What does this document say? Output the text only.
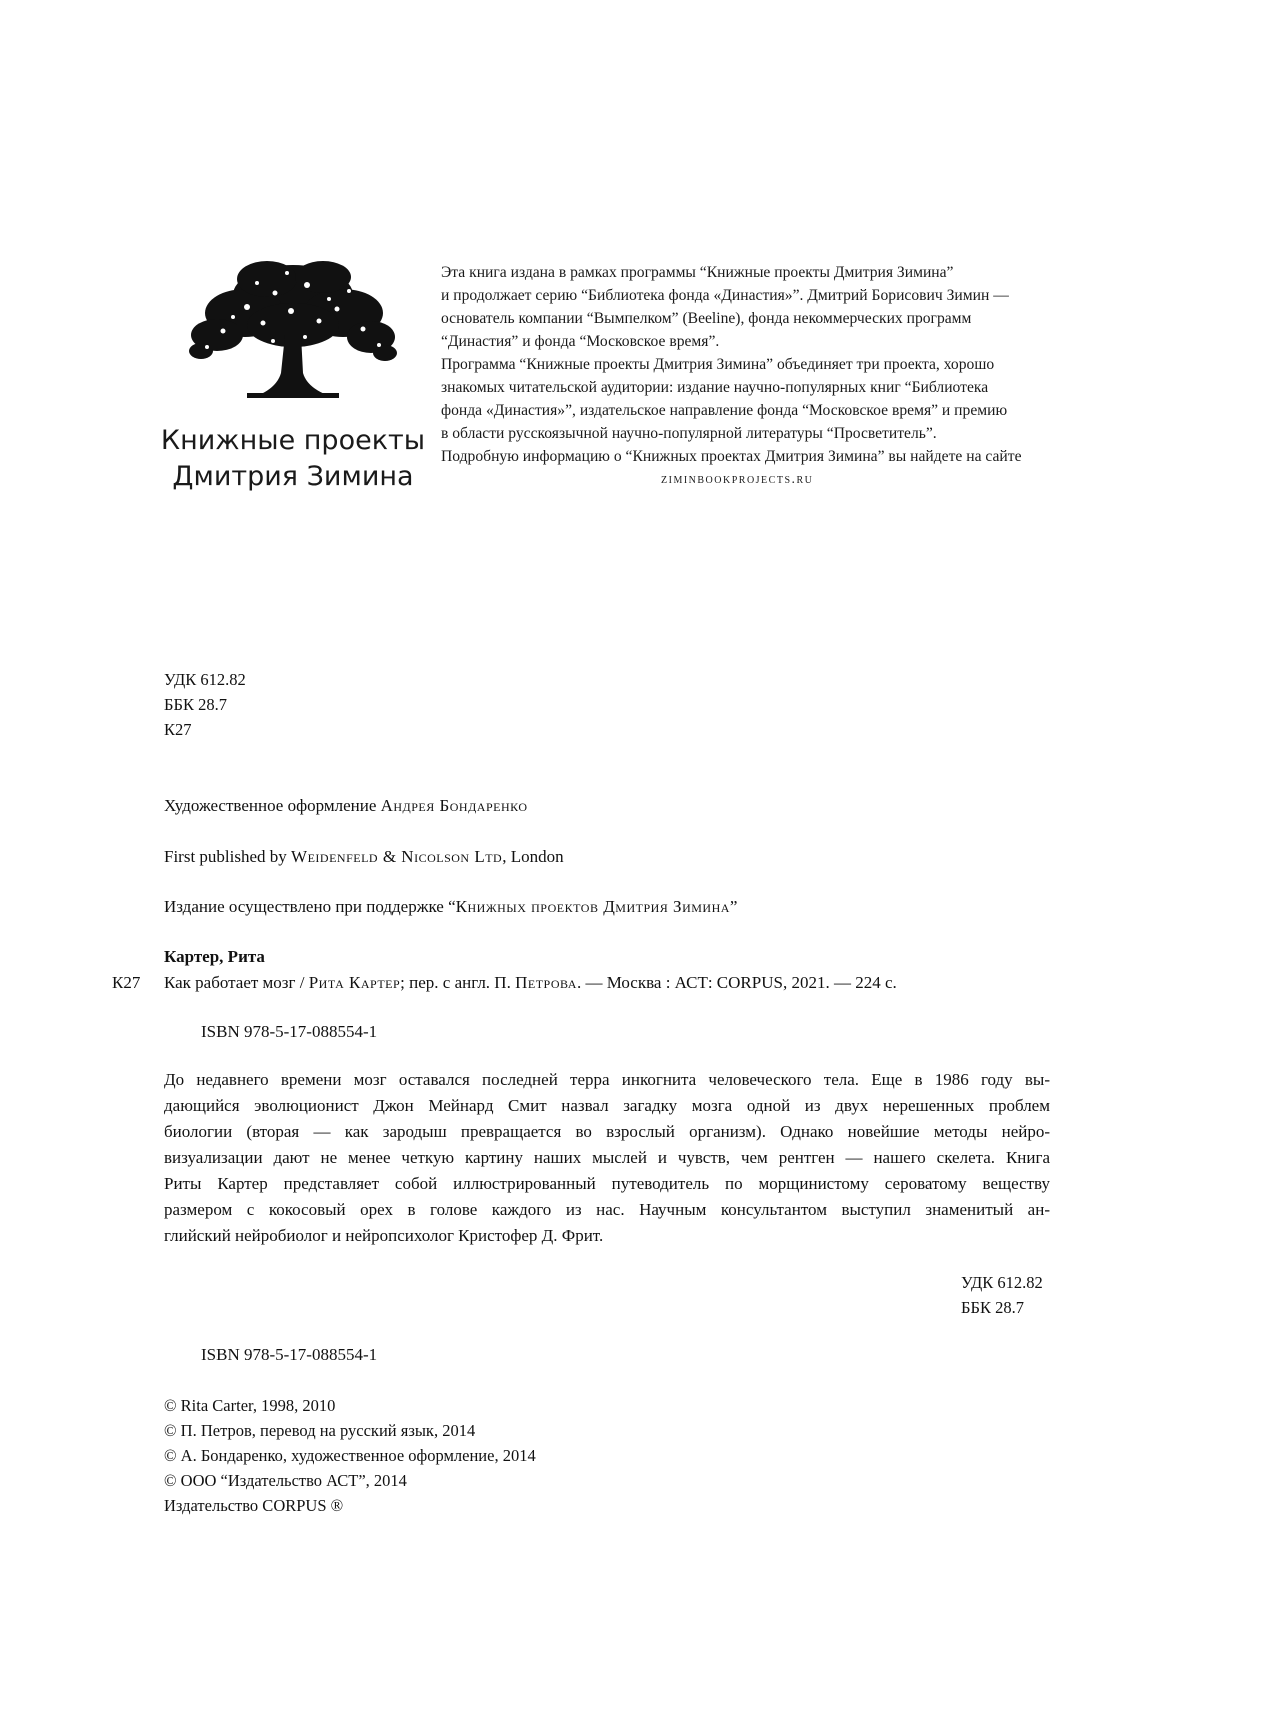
Книжные проекты
Дмитрия Зимина
Эта книга издана в рамках программы “Книжные проекты Дмитрия Зимина”
и продолжает серию “Библиотека фонда «Династия»”. Дмитрий Борисович Зимин —
основатель компании “Вымпелком” (Beeline), фонда некоммерческих программ
“Династия” и фонда “Московское время”.
Программа “Книжные проекты Дмитрия Зимина” объединяет три проекта, хорошо
знакомых читательской аудитории: издание научно-популярных книг “Библиотека
фонда «Династия»”, издательское направление фонда “Московское время” и премию
в области русскоязычной научно-популярной литературы “Просветитель”.
Подробную информацию о “Книжных проектах Дмитрия Зимина” вы найдете на сайте
ziminbookprojects.ru
УДК 612.82
ББК 28.7
К27
Художественное оформление Андрея Бондаренко
First published by Weidenfeld & Nicolson Ltd, London
Издание осуществлено при поддержке “Книжных проектов Дмитрия Зимина”
Картер, Рита
К27 Как работает мозг / Рита Картер; пер. с англ. П. Петрова. — Москва : АСТ: CORPUS, 2021. — 224 с.
ISBN 978-5-17-088554-1
До недавнего времени мозг оставался последней терра инкогнита человеческого тела. Еще в 1986 году вы-
дающийся эволюционист Джон Мейнард Смит назвал загадку мозга одной из двух нерешенных проблем
биологии (вторая — как зародыш превращается во взрослый организм). Однако новейшие методы нейро-
визуализации дают не менее четкую картину наших мыслей и чувств, чем рентген — нашего скелета. Книга
Риты Картер представляет собой иллюстрированный путеводитель по морщинистому сероватому веществу
размером с кокосовый орех в голове каждого из нас. Научным консультантом выступил знаменитый ан-
глийский нейробиолог и нейропсихолог Кристофер Д. Фрит.
УДК 612.82
ББК 28.7
ISBN 978-5-17-088554-1
© Rita Carter, 1998, 2010
© П. Петров, перевод на русский язык, 2014
© А. Бондаренко, художественное оформление, 2014
© ООО “Издательство АСТ”, 2014
Издательство CORPUS ®
